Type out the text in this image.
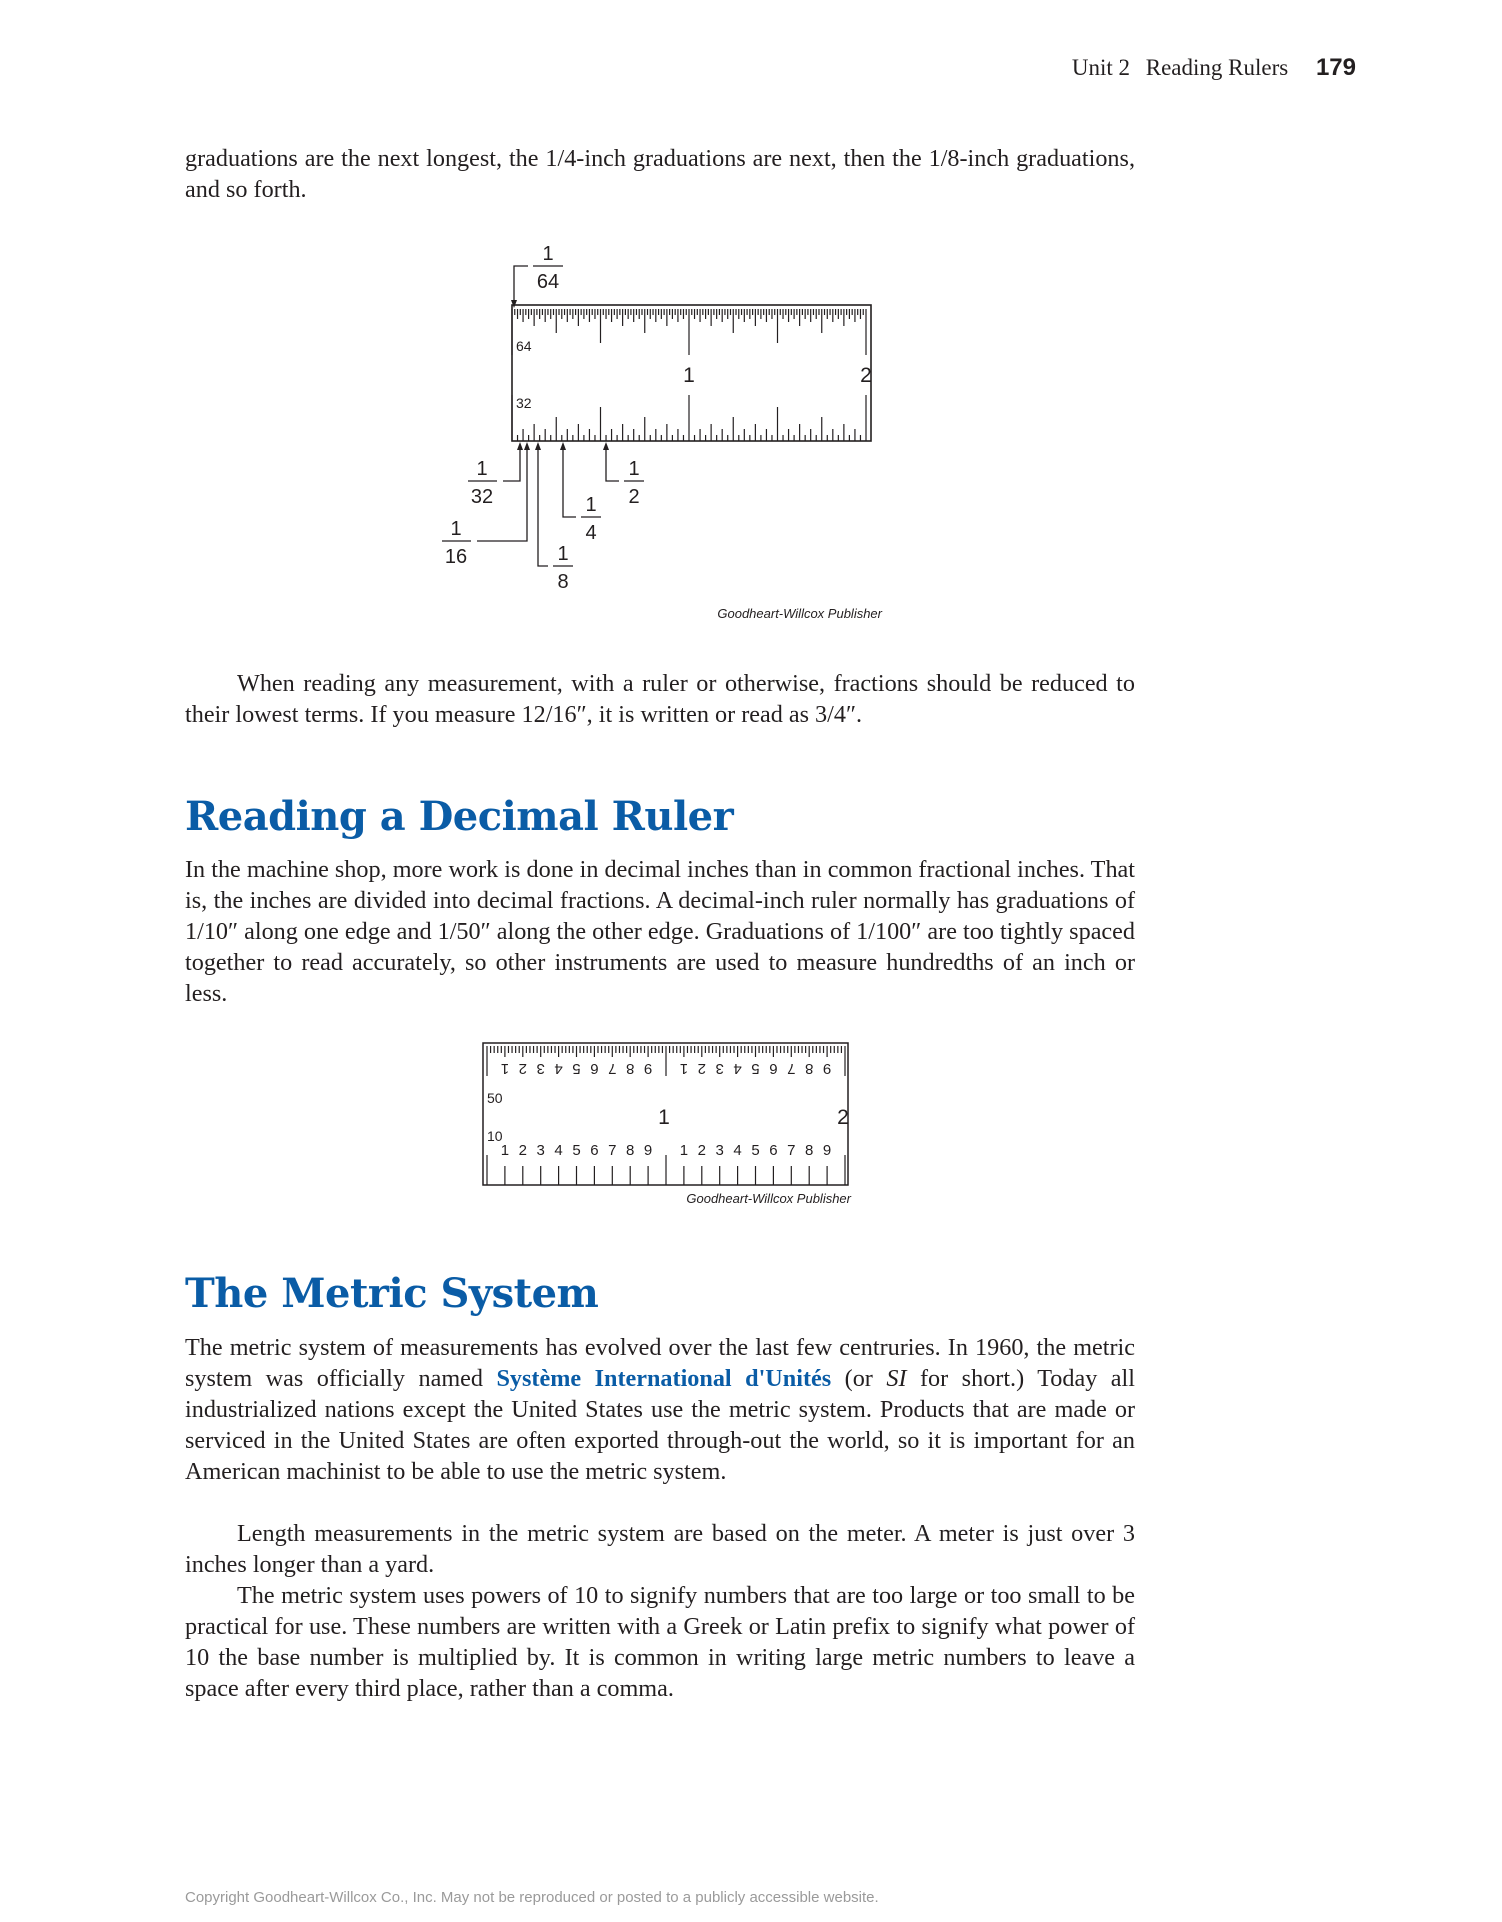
Unit 2 Reading Rulers 179

graduations are the next longest, the 1/4-inch graduations are next, then the 1/8-inch graduations, and so forth.

64
32
1	2
1
64
1
32
1
16	1
8
1
4
1
2
Goodheart-Willcox Publisher

When reading any measurement, with a ruler or otherwise, fractions should be reduced to their lowest terms. If you measure 12/16″, it is written or read as 3/4″.

Reading a Decimal Ruler

In the machine shop, more work is done in decimal inches than in common fractional inches. That is, the inches are divided into decimal fractions. A decimal-inch ruler normally has graduations of 1/10″ along one edge and 1/50″ along the other edge. Graduations of 1/100″ are too tightly spaced together to read accurately, so other instruments are used to measure hundredths of an inch or less.

1 2 3 4 5 6 7 8 9 1 2 3 4 5 6 7 8 9
1 2 3 4 5 6 7 8 9 1 2 3 4 5 6 7 8 9
50
10
1	2
Goodheart-Willcox Publisher
The Metric System

The metric system of measurements has evolved over the last few centruries. In 1960, the metric system was officially named Système International d'Unités (or SI for short.) Today all industrialized nations except the United States use the metric system. Products that are made or serviced in the United States are often exported through-out the world, so it is important for an American machinist to be able to use the metric system.

Length measurements in the metric system are based on the meter. A meter is just over 3 inches longer than a yard.

The metric system uses powers of 10 to signify numbers that are too large or too small to be practical for use. These numbers are written with a Greek or Latin prefix to signify what power of 10 the base number is multiplied by. It is common in writing large metric numbers to leave a space after every third place, rather than a comma.

Copyright Goodheart-Willcox Co., Inc. May not be reproduced or posted to a publicly accessible website.
